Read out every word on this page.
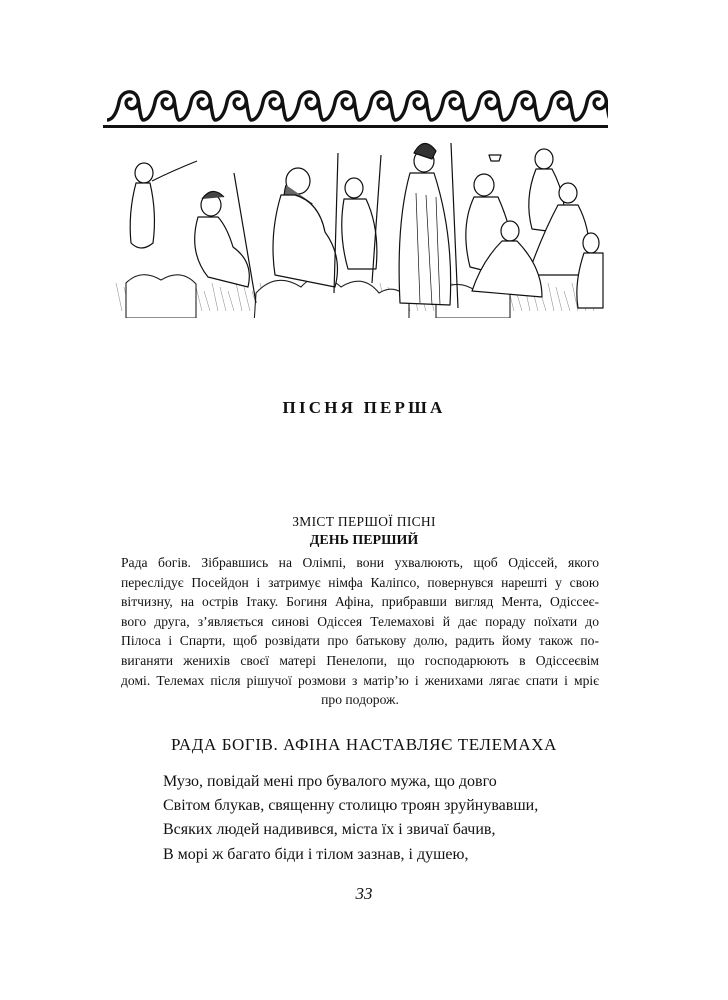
ПІСНЯ ПЕРША
ЗМІСТ ПЕРШОЇ ПІСНІ
ДЕНЬ ПЕРШИЙ
Рада богів. Зібравшись на Олімпі, вони ухвалюють, щоб Одіссей, якого
переслідує Посейдон і затримує німфа Каліпсо, повернувся нарешті у свою
вітчизну, на острів Ітаку. Богиня Афіна, прибравши вигляд Мента, Одіссеє-
вого друга, з’являється синові Одіссея Телемахові й дає пораду поїхати до
Пілоса і Спарти, щоб розвідати про батькову долю, радить йому також по-
виганяти женихів своєї матері Пенелопи, що господарюють в Одіссеєвім
домі. Телемах після рішучої розмови з матір’ю і женихами лягає спати і мріє
про подорож.
РАДА БОГІВ. АФІНА НАСТАВЛЯЄ ТЕЛЕМАХА
Музо, повідай мені про бувалого мужа, що довго
Світом блукав, священну столицю троян зруйнувавши,
Всяких людей надивився, міста їх і звичаї бачив,
В морі ж багато біди і тілом зазнав, і душею,
33
